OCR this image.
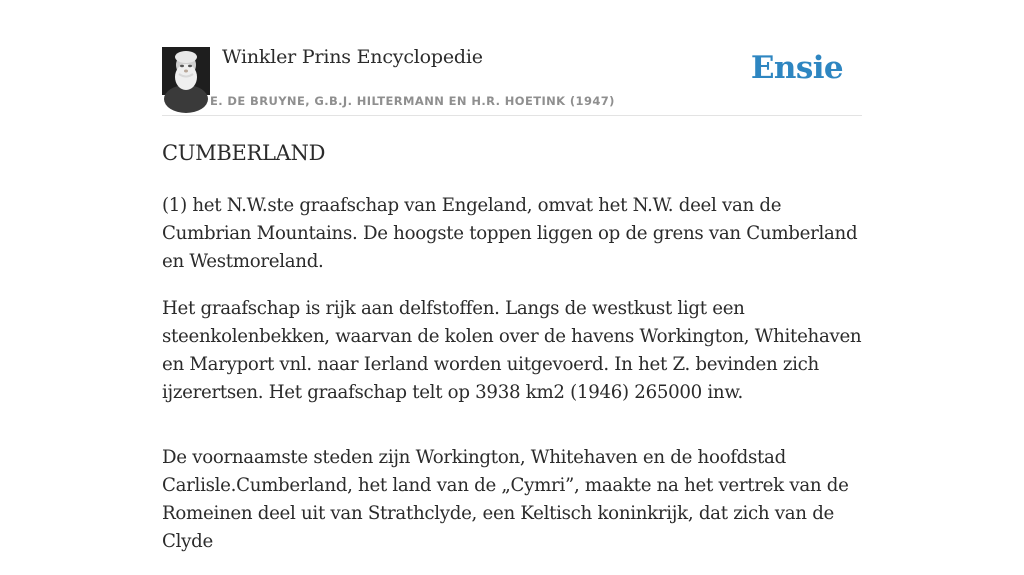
Winkler Prins Encyclopedie
E. DE BRUYNE, G.B.J. HILTERMANN EN H.R. HOETINK (1947)
Ensie
CUMBERLAND

(1) het N.W.ste graafschap van Engeland, omvat het N.W. deel van de Cumbrian Mountains. De hoogste toppen liggen op de grens van Cumberland en Westmoreland.

Het graafschap is rijk aan delfstoffen. Langs de westkust ligt een steenkolenbekken, waarvan de kolen over de havens Workington, Whitehaven en Maryport vnl. naar Ierland worden uitgevoerd. In het Z. bevinden zich ijzerertsen. Het graafschap telt op 3938 km2 (1946) 265000 inw.

De voornaamste steden zijn Workington, Whitehaven en de hoofdstad Carlisle.Cumberland, het land van de „Cymri”, maakte na het vertrek van de Romeinen deel uit van Strathclyde, een Keltisch koninkrijk, dat zich van de Clyde
